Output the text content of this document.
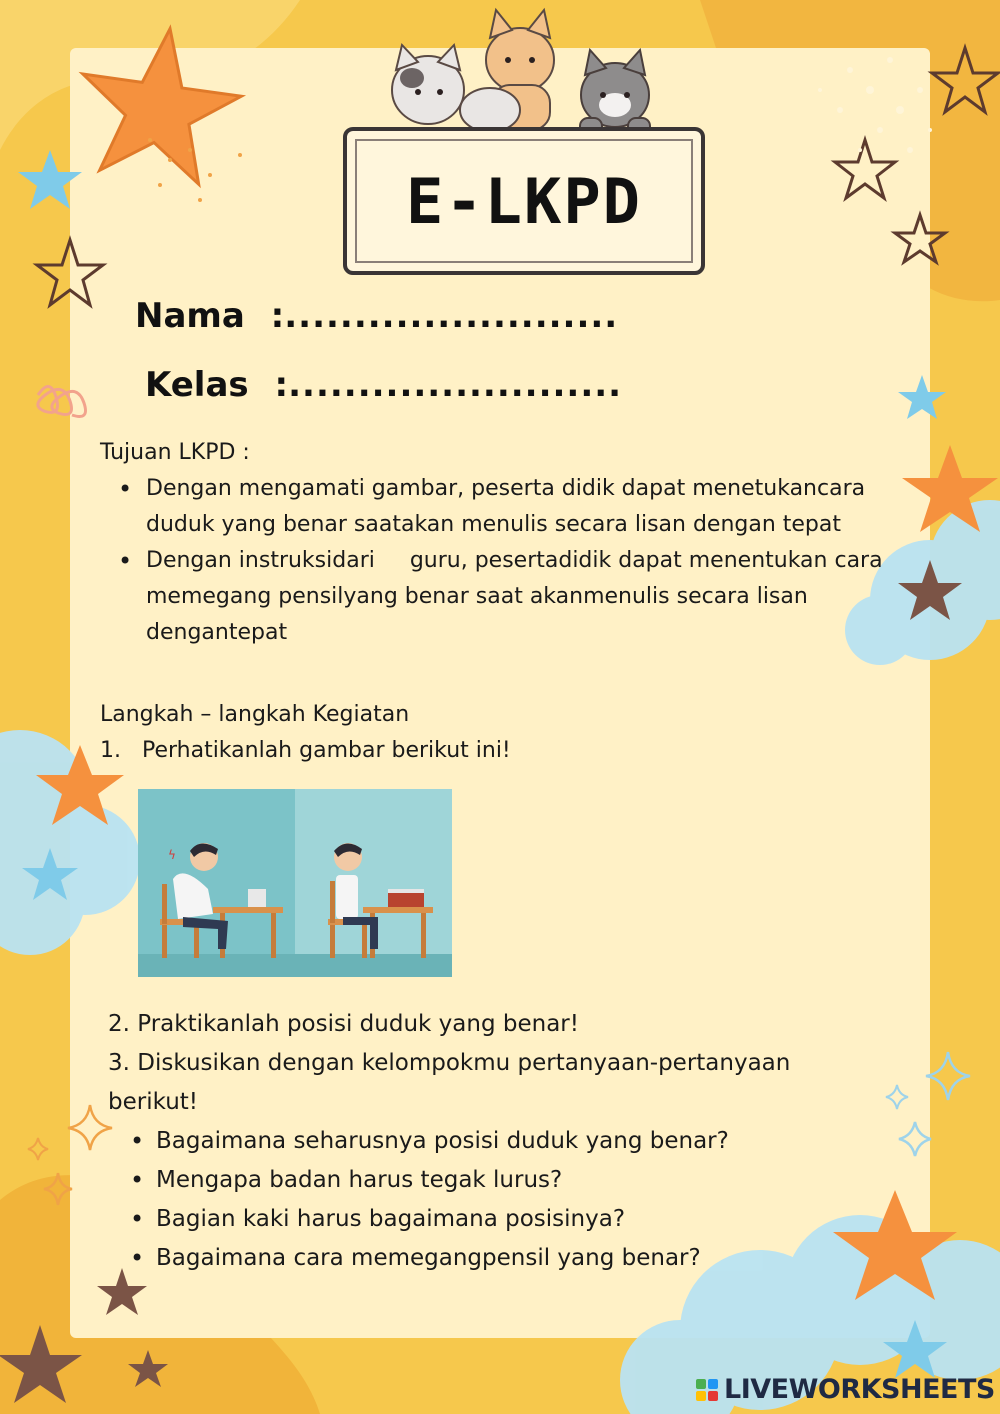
E-LKPD
Nama :........................
Kelas :........................
Tujuan LKPD :
• Dengan mengamati gambar, peserta didik dapat menetukancara
duduk yang benar saatakan menulis secara lisan dengan tepat
• Dengan instruksidari     guru, pesertadidik dapat menentukan cara
memegang pensilyang benar saat akanmenulis secara lisan
dengantepat
Langkah – langkah Kegiatan
1.   Perhatikanlah gambar berikut ini!
ϟ
2. Praktikanlah posisi duduk yang benar!
3. Diskusikan dengan kelompokmu pertanyaan-pertanyaan
berikut!
• Bagaimana seharusnya posisi duduk yang benar?
• Mengapa badan harus tegak lurus?
• Bagian kaki harus bagaimana posisinya?
• Bagaimana cara memegangpensil yang benar?
LIVEWORKSHEETS
